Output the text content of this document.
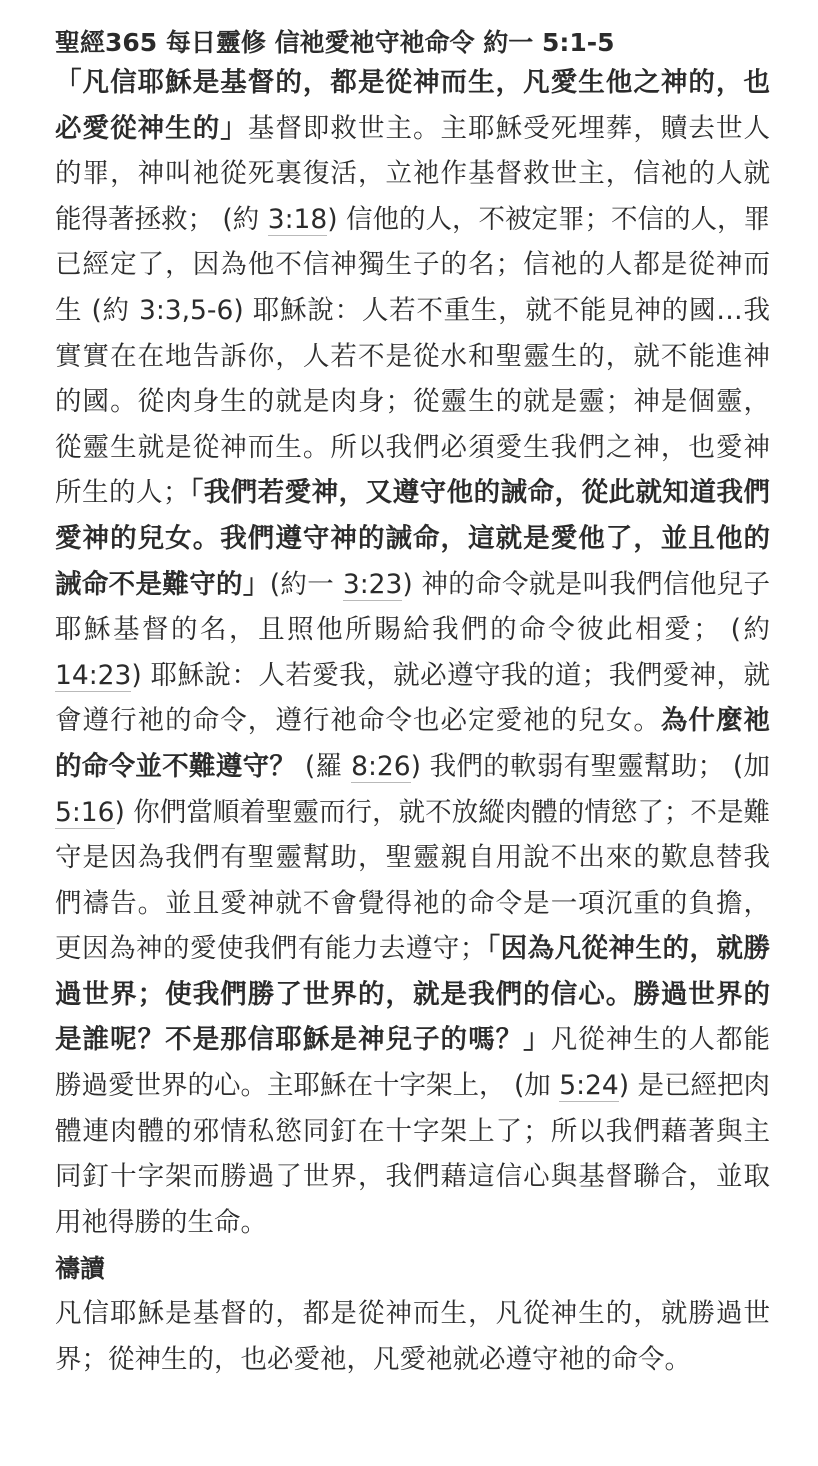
聖經365 每日靈修 信祂愛祂守祂命令 約一 5:1-5

「凡信耶穌是基督的，都是從神而生，凡愛生他之神的，也必愛從神生的」基督即救世主。主耶穌受死埋葬，贖去世人的罪，神叫祂從死裏復活，立祂作基督救世主，信祂的人就能得著拯救； (約 3:18) 信他的人，不被定罪；不信的人，罪已經定了，因為他不信神獨生子的名；信祂的人都是從神而生 (約 3:3,5-6) 耶穌說：人若不重生，就不能見神的國…我實實在在地告訴你，人若不是從水和聖靈生的，就不能進神的國。從肉身生的就是肉身；從靈生的就是靈；神是個靈，從靈生就是從神而生。所以我們必須愛生我們之神，也愛神所生的人；「我們若愛神，又遵守他的誡命，從此就知道我們愛神的兒女。我們遵守神的誡命，這就是愛他了，並且他的誡命不是難守的」(約一 3:23) 神的命令就是叫我們信他兒子耶穌基督的名，且照他所賜給我們的命令彼此相愛； (約 14:23) 耶穌說：人若愛我，就必遵守我的道；我們愛神，就會遵行祂的命令，遵行祂命令也必定愛祂的兒女。為什麼祂的命令並不難遵守？ (羅 8:26) 我們的軟弱有聖靈幫助； (加 5:16) 你們當順着聖靈而行，就不放縱肉體的情慾了；不是難守是因為我們有聖靈幫助，聖靈親自用說不出來的歎息替我們禱告。並且愛神就不會覺得祂的命令是一項沉重的負擔，更因為神的愛使我們有能力去遵守；「因為凡從神生的，就勝過世界；使我們勝了世界的，就是我們的信心。勝過世界的是誰呢？不是那信耶穌是神兒子的嗎？」凡從神生的人都能勝過愛世界的心。主耶穌在十字架上， (加 5:24) 是已經把肉體連肉體的邪情私慾同釘在十字架上了；所以我們藉著與主同釘十字架而勝過了世界，我們藉這信心與基督聯合，並取用祂得勝的生命。

禱讀

凡信耶穌是基督的，都是從神而生，凡從神生的，就勝過世界；從神生的，也必愛祂，凡愛祂就必遵守祂的命令。
